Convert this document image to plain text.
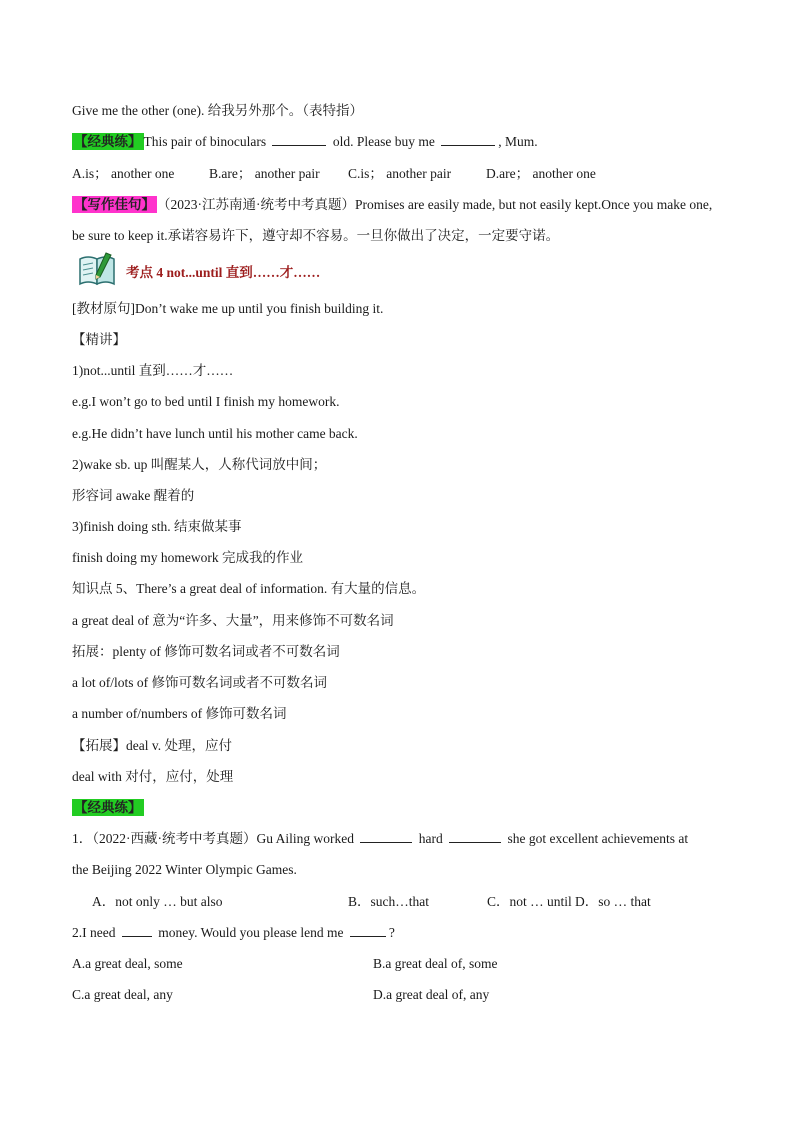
Give me the other (one). 给我另外那个。（表特指）
【经典练】 This pair of binoculars	old. Please buy me	, Mum.
A.is； another one	B.are； another pair C.is； another pair	D.are； another one
【写作佳句】 （2023·江苏南通·统考中考真题）Promises are easily made, but not easily kept.Once you make one,
be sure to keep it.承诺容易许下，遵守却不容易。一旦你做出了决定，一定要守诺。
考点 4 not...until 直到……才……
[教材原句]Don’t wake me up until you finish building it.
【精讲】
1)not...until 直到……才……
e.g.I won’t go to bed until I finish my homework.
e.g.He didn’t have lunch until his mother came back.
2)wake sb. up 叫醒某人，人称代词放中间；
形容词 awake 醒着的
3)finish doing sth. 结束做某事
finish doing my homework 完成我的作业
知识点 5、There’s a great deal of information. 有大量的信息。
a great deal of 意为“许多、大量”，用来修饰不可数名词
拓展：plenty of 修饰可数名词或者不可数名词
a lot of/lots of 修饰可数名词或者不可数名词
a number of/numbers of 修饰可数名词
【拓展】deal v. 处理，应付
deal with 对付，应付，处理
【经典练】
1．（2022·西藏·统考中考真题）Gu Ailing worked	hard	she got excellent achievements at
the Beijing 2022 Winter Olympic Games.
A．not only … but also	B．such…that	C．not … until D．so … that
2.I need	money. Would you please lend me	?
A.a great deal, some	B.a great deal of, some
C.a great deal, any	D.a great deal of, any
